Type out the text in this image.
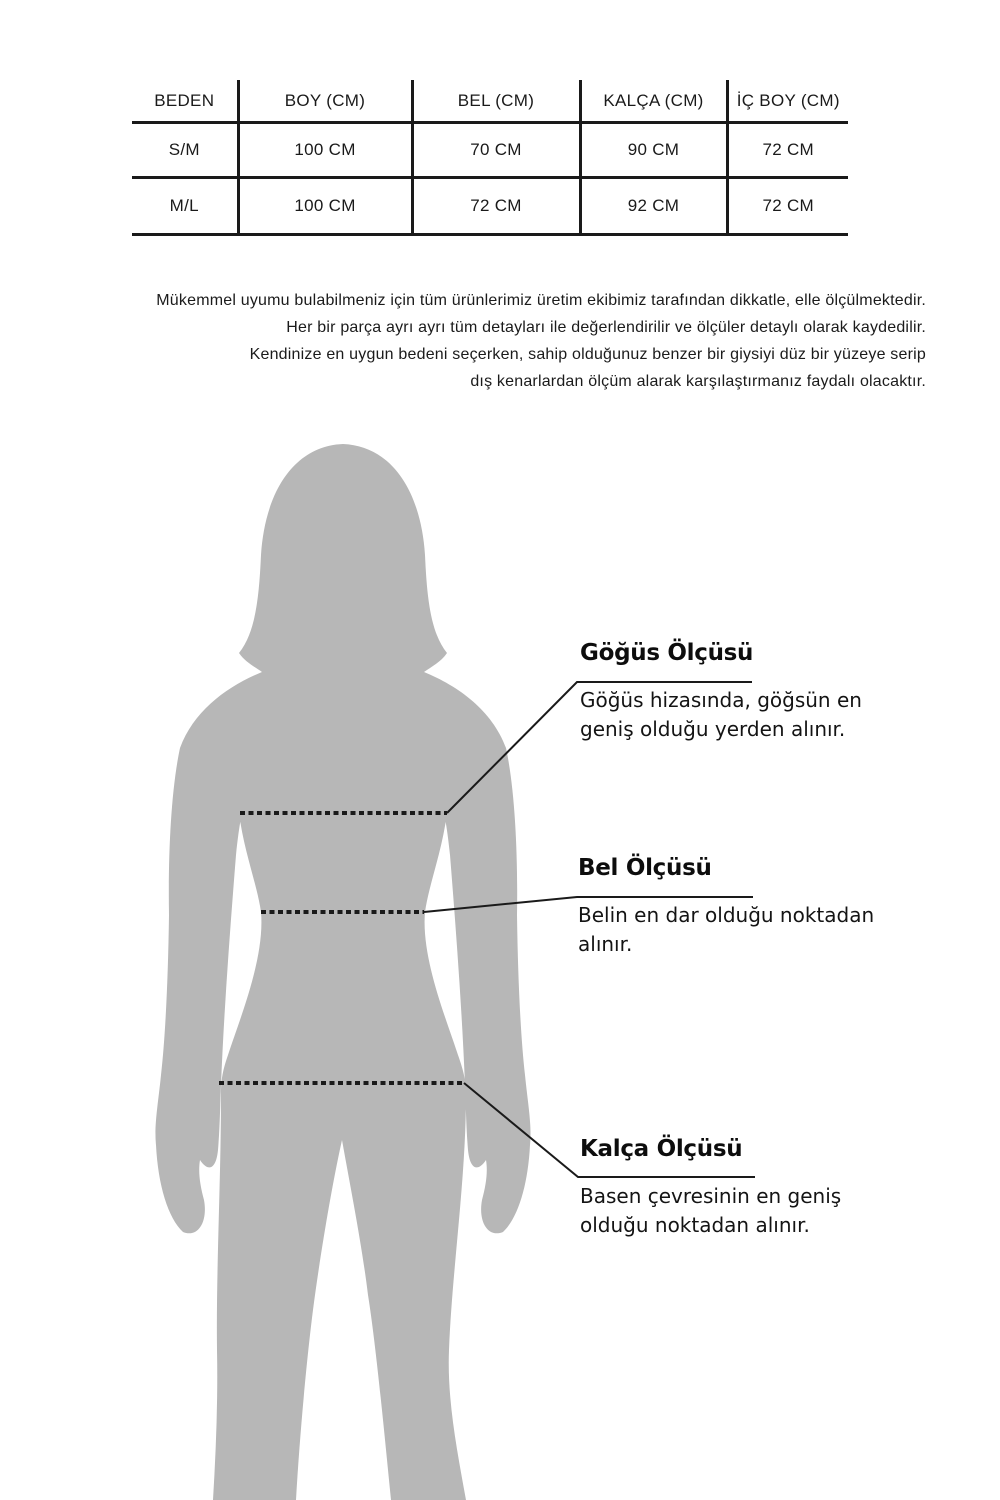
BEDEN	BOY (CM)	BEL (CM)	KALÇA (CM)	İÇ BOY (CM)
S/M	100 CM	70 CM	90 CM	72 CM
M/L	100 CM	72 CM	92 CM	72 CM
Mükemmel uyumu bulabilmeniz için tüm ürünlerimiz üretim ekibimiz tarafından dikkatle, elle ölçülmektedir.
Her bir parça ayrı ayrı tüm detayları ile değerlendirilir ve ölçüler detaylı olarak kaydedilir.
Kendinize en uygun bedeni seçerken, sahip olduğunuz benzer bir giysiyi düz bir yüzeye serip
dış kenarlardan ölçüm alarak karşılaştırmanız faydalı olacaktır.
Göğüs Ölçüsü
Göğüs hizasında, göğsün en
geniş olduğu yerden alınır.
Bel Ölçüsü
Belin en dar olduğu noktadan
alınır.
Kalça Ölçüsü
Basen çevresinin en geniş
olduğu noktadan alınır.
